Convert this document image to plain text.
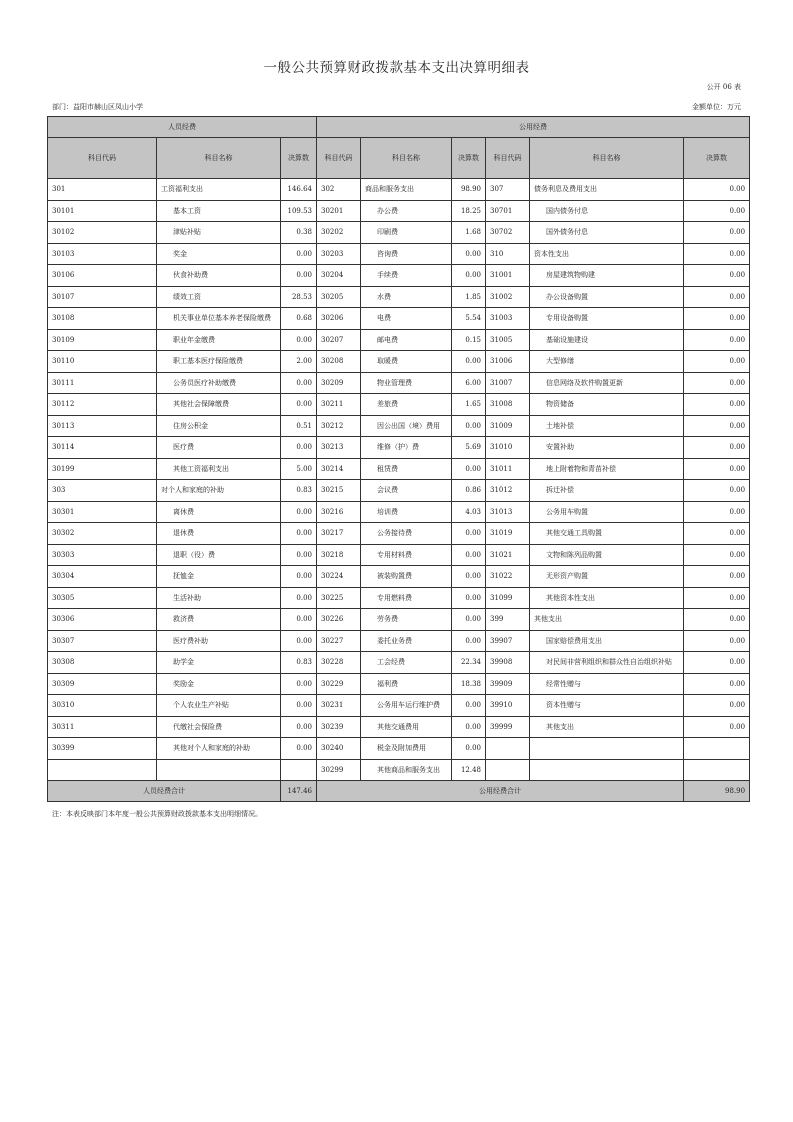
一般公共预算财政拨款基本支出决算明细表
公开 06 表
部门：益阳市赫山区凤山小学	金额单位：万元
人员经费			公用经费					
科目代码	科目名称	决算数	科目代码	科目名称	决算数	科目代码	科目名称	决算数
301	工资福利支出	146.64	302	商品和服务支出	98.90	307	债务利息及费用支出	0.00
30101	基本工资	109.53	30201	办公费	18.25	30701	国内债务付息	0.00
30102	津贴补贴	0.38	30202	印刷费	1.68	30702	国外债务付息	0.00
30103	奖金	0.00	30203	咨询费	0.00	310	资本性支出	0.00
30106	伙食补助费	0.00	30204	手续费	0.00	31001	房屋建筑物购建	0.00
30107	绩效工资	28.53	30205	水费	1.85	31002	办公设备购置	0.00
30108	机关事业单位基本养老保险缴费	0.68	30206	电费	5.54	31003	专用设备购置	0.00
30109	职业年金缴费	0.00	30207	邮电费	0.15	31005	基础设施建设	0.00
30110	职工基本医疗保险缴费	2.00	30208	取暖费	0.00	31006	大型修缮	0.00
30111	公务员医疗补助缴费	0.00	30209	物业管理费	6.00	31007	信息网络及软件购置更新	0.00
30112	其他社会保障缴费	0.00	30211	差旅费	1.65	31008	物资储备	0.00
30113	住房公积金	0.51	30212	因公出国（境）费用	0.00	31009	土地补偿	0.00
30114	医疗费	0.00	30213	维修（护）费	5.69	31010	安置补助	0.00
30199	其他工资福利支出	5.00	30214	租赁费	0.00	31011	地上附着物和青苗补偿	0.00
303	对个人和家庭的补助	0.83	30215	会议费	0.86	31012	拆迁补偿	0.00
30301	离休费	0.00	30216	培训费	4.03	31013	公务用车购置	0.00
30302	退休费	0.00	30217	公务接待费	0.00	31019	其他交通工具购置	0.00
30303	退职（役）费	0.00	30218	专用材料费	0.00	31021	文物和陈列品购置	0.00
30304	抚恤金	0.00	30224	被装购置费	0.00	31022	无形资产购置	0.00
30305	生活补助	0.00	30225	专用燃料费	0.00	31099	其他资本性支出	0.00
30306	救济费	0.00	30226	劳务费	0.00	399	其他支出	0.00
30307	医疗费补助	0.00	30227	委托业务费	0.00	39907	国家赔偿费用支出	0.00
30308	助学金	0.83	30228	工会经费	22.34	39908	对民间非营利组织和群众性自治组织补贴	0.00
30309	奖励金	0.00	30229	福利费	18.38	39909	经常性赠与	0.00
30310	个人农业生产补贴	0.00	30231	公务用车运行维护费	0.00	39910	资本性赠与	0.00
30311	代缴社会保险费	0.00	30239	其他交通费用	0.00	39999	其他支出	0.00
30399	其他对个人和家庭的补助	0.00	30240	税金及附加费用	0.00			
			30299	其他商品和服务支出	12.48			
人员经费合计		147.46	公用经费合计					98.90
注：本表反映部门本年度一般公共预算财政拨款基本支出明细情况。
